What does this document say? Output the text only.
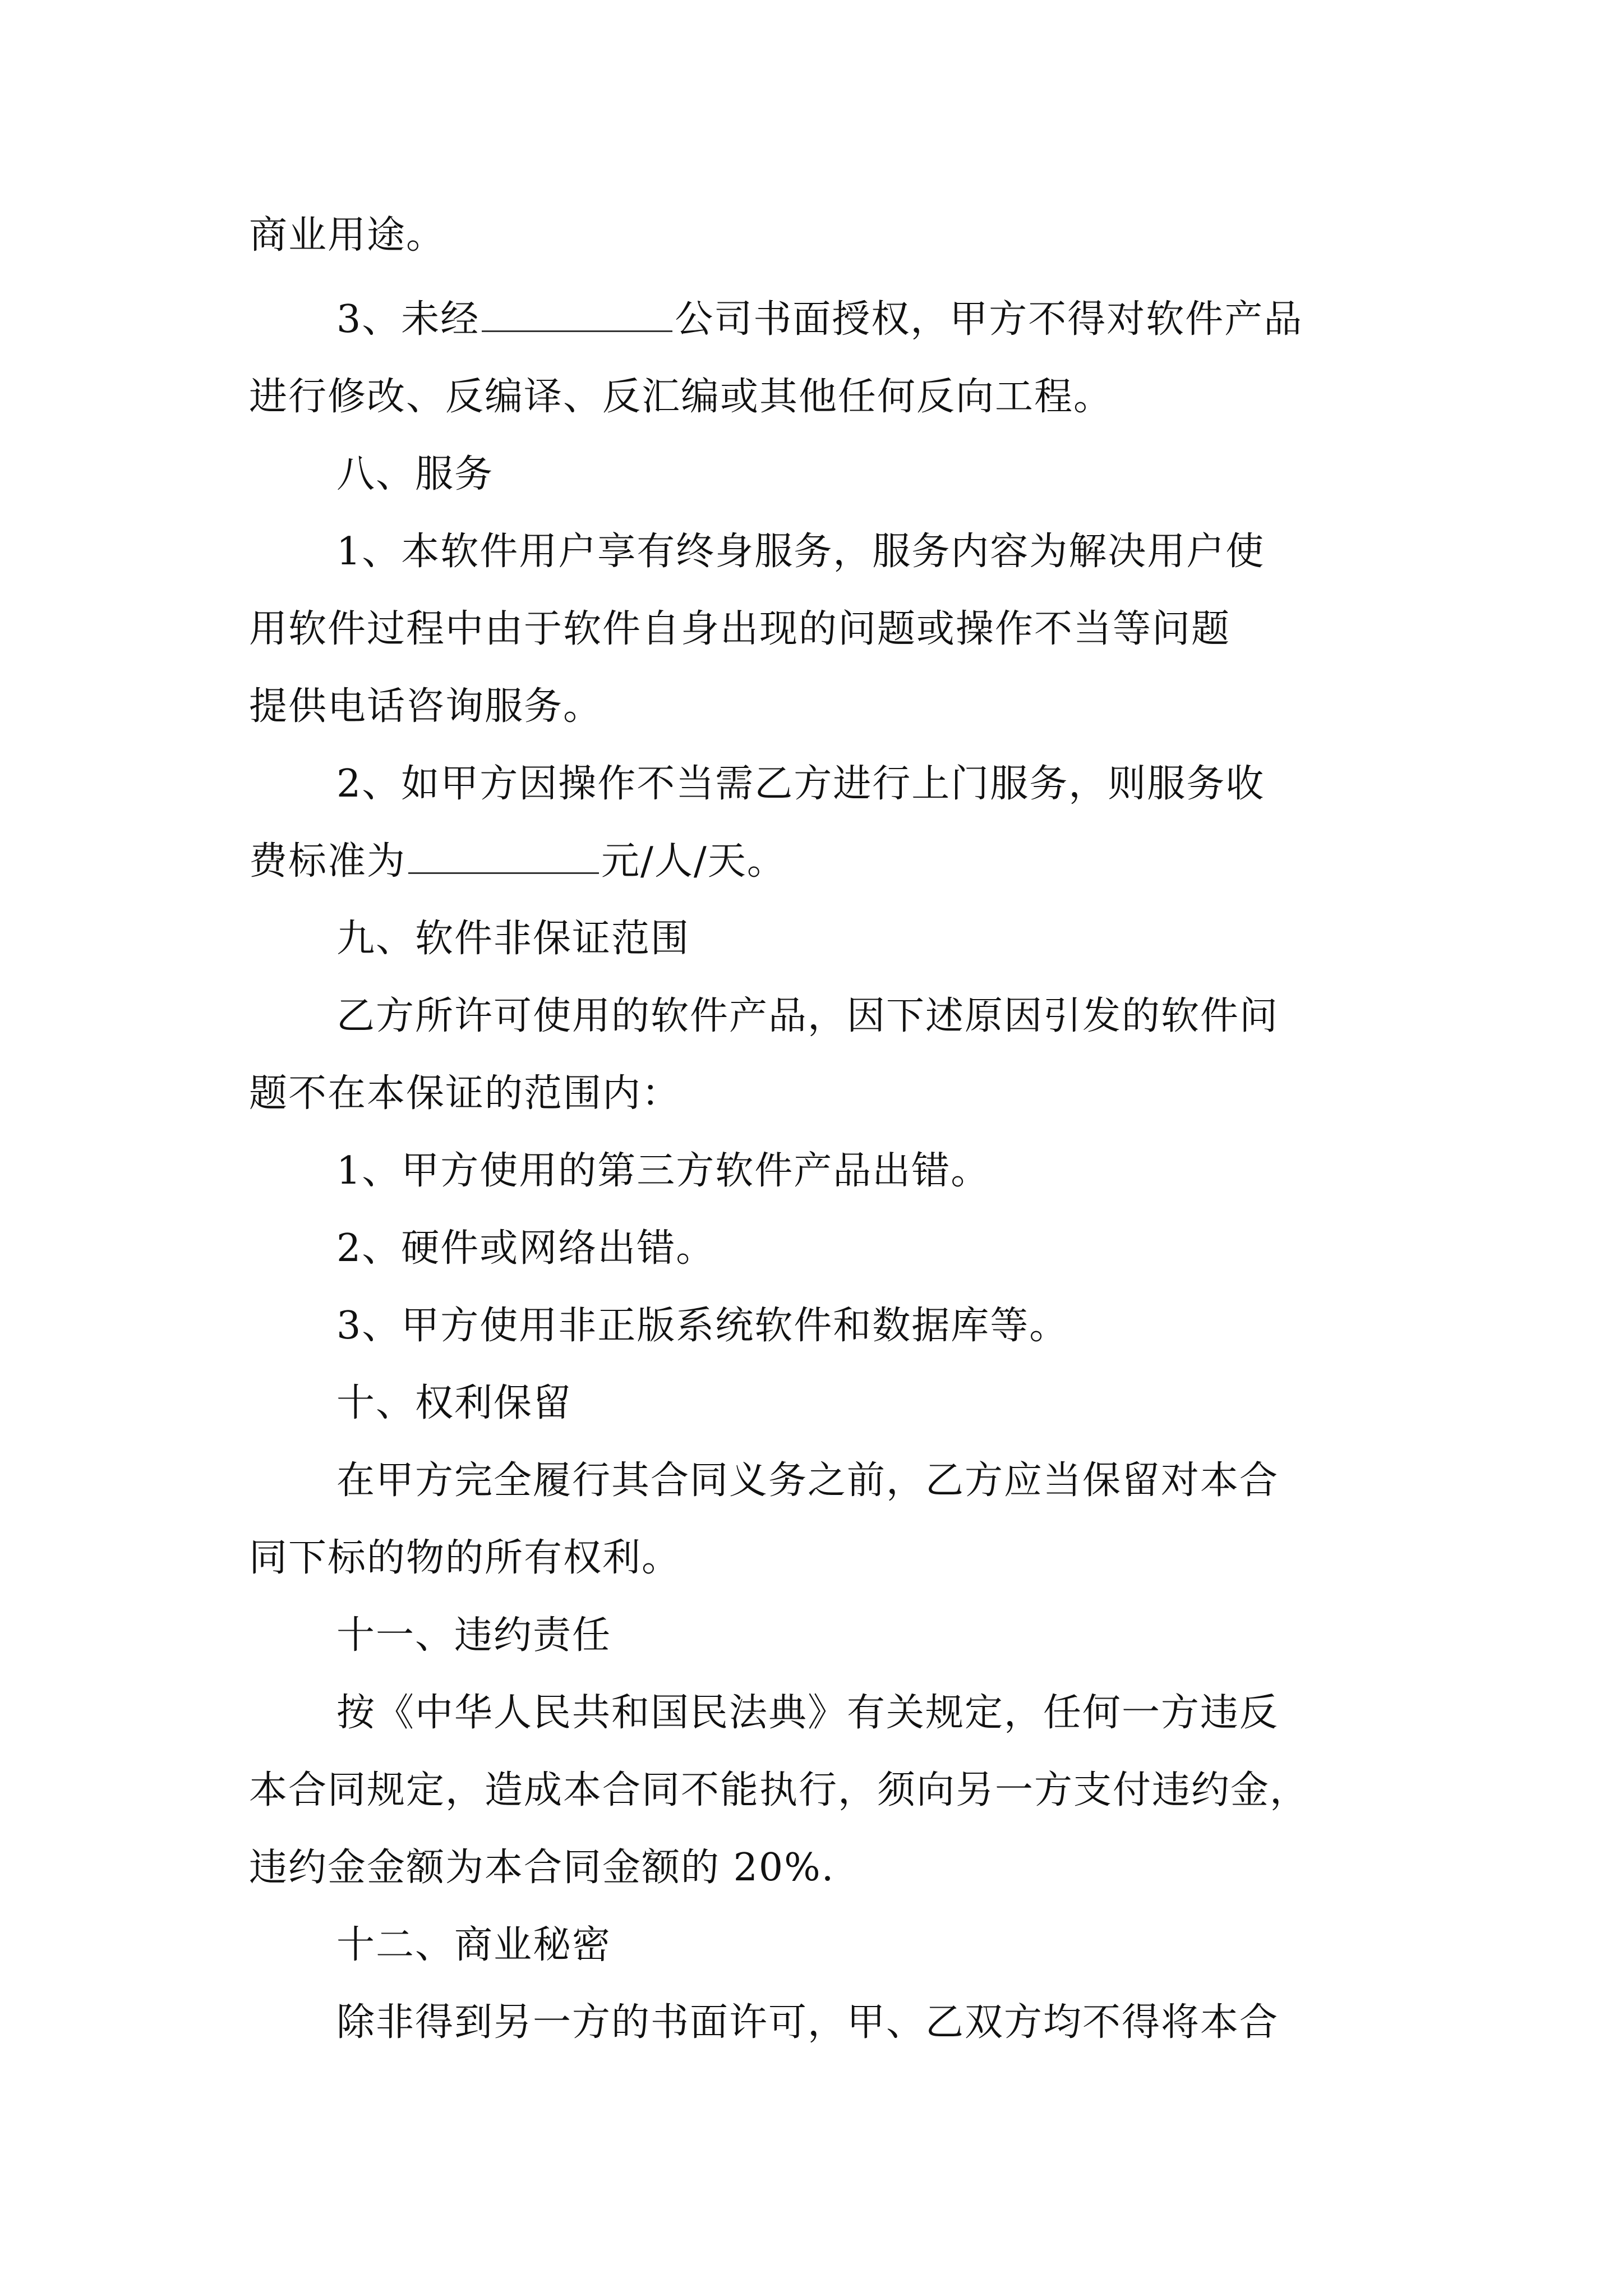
商业用途。
3、未经	公司书面授权，甲方不得对软件产品
进行修改、反编译、反汇编或其他任何反向工程。
八、服务
1、本软件用户享有终身服务，服务内容为解决用户使
用软件过程中由于软件自身出现的问题或操作不当等问题
提供电话咨询服务。
2、如甲方因操作不当需乙方进行上门服务，则服务收
费标准为	元/人/天。
九、软件非保证范围
乙方所许可使用的软件产品，因下述原因引发的软件问
题不在本保证的范围内：
1、甲方使用的第三方软件产品出错。
2、硬件或网络出错。
3、甲方使用非正版系统软件和数据库等。
十、权利保留
在甲方完全履行其合同义务之前，乙方应当保留对本合
同下标的物的所有权利。
十一、违约责任
按《中华人民共和国民法典》有关规定，任何一方违反
本合同规定，造成本合同不能执行，须向另一方支付违约金，
违约金金额为本合同金额的 20%.
十二、商业秘密
除非得到另一方的书面许可，甲、乙双方均不得将本合
